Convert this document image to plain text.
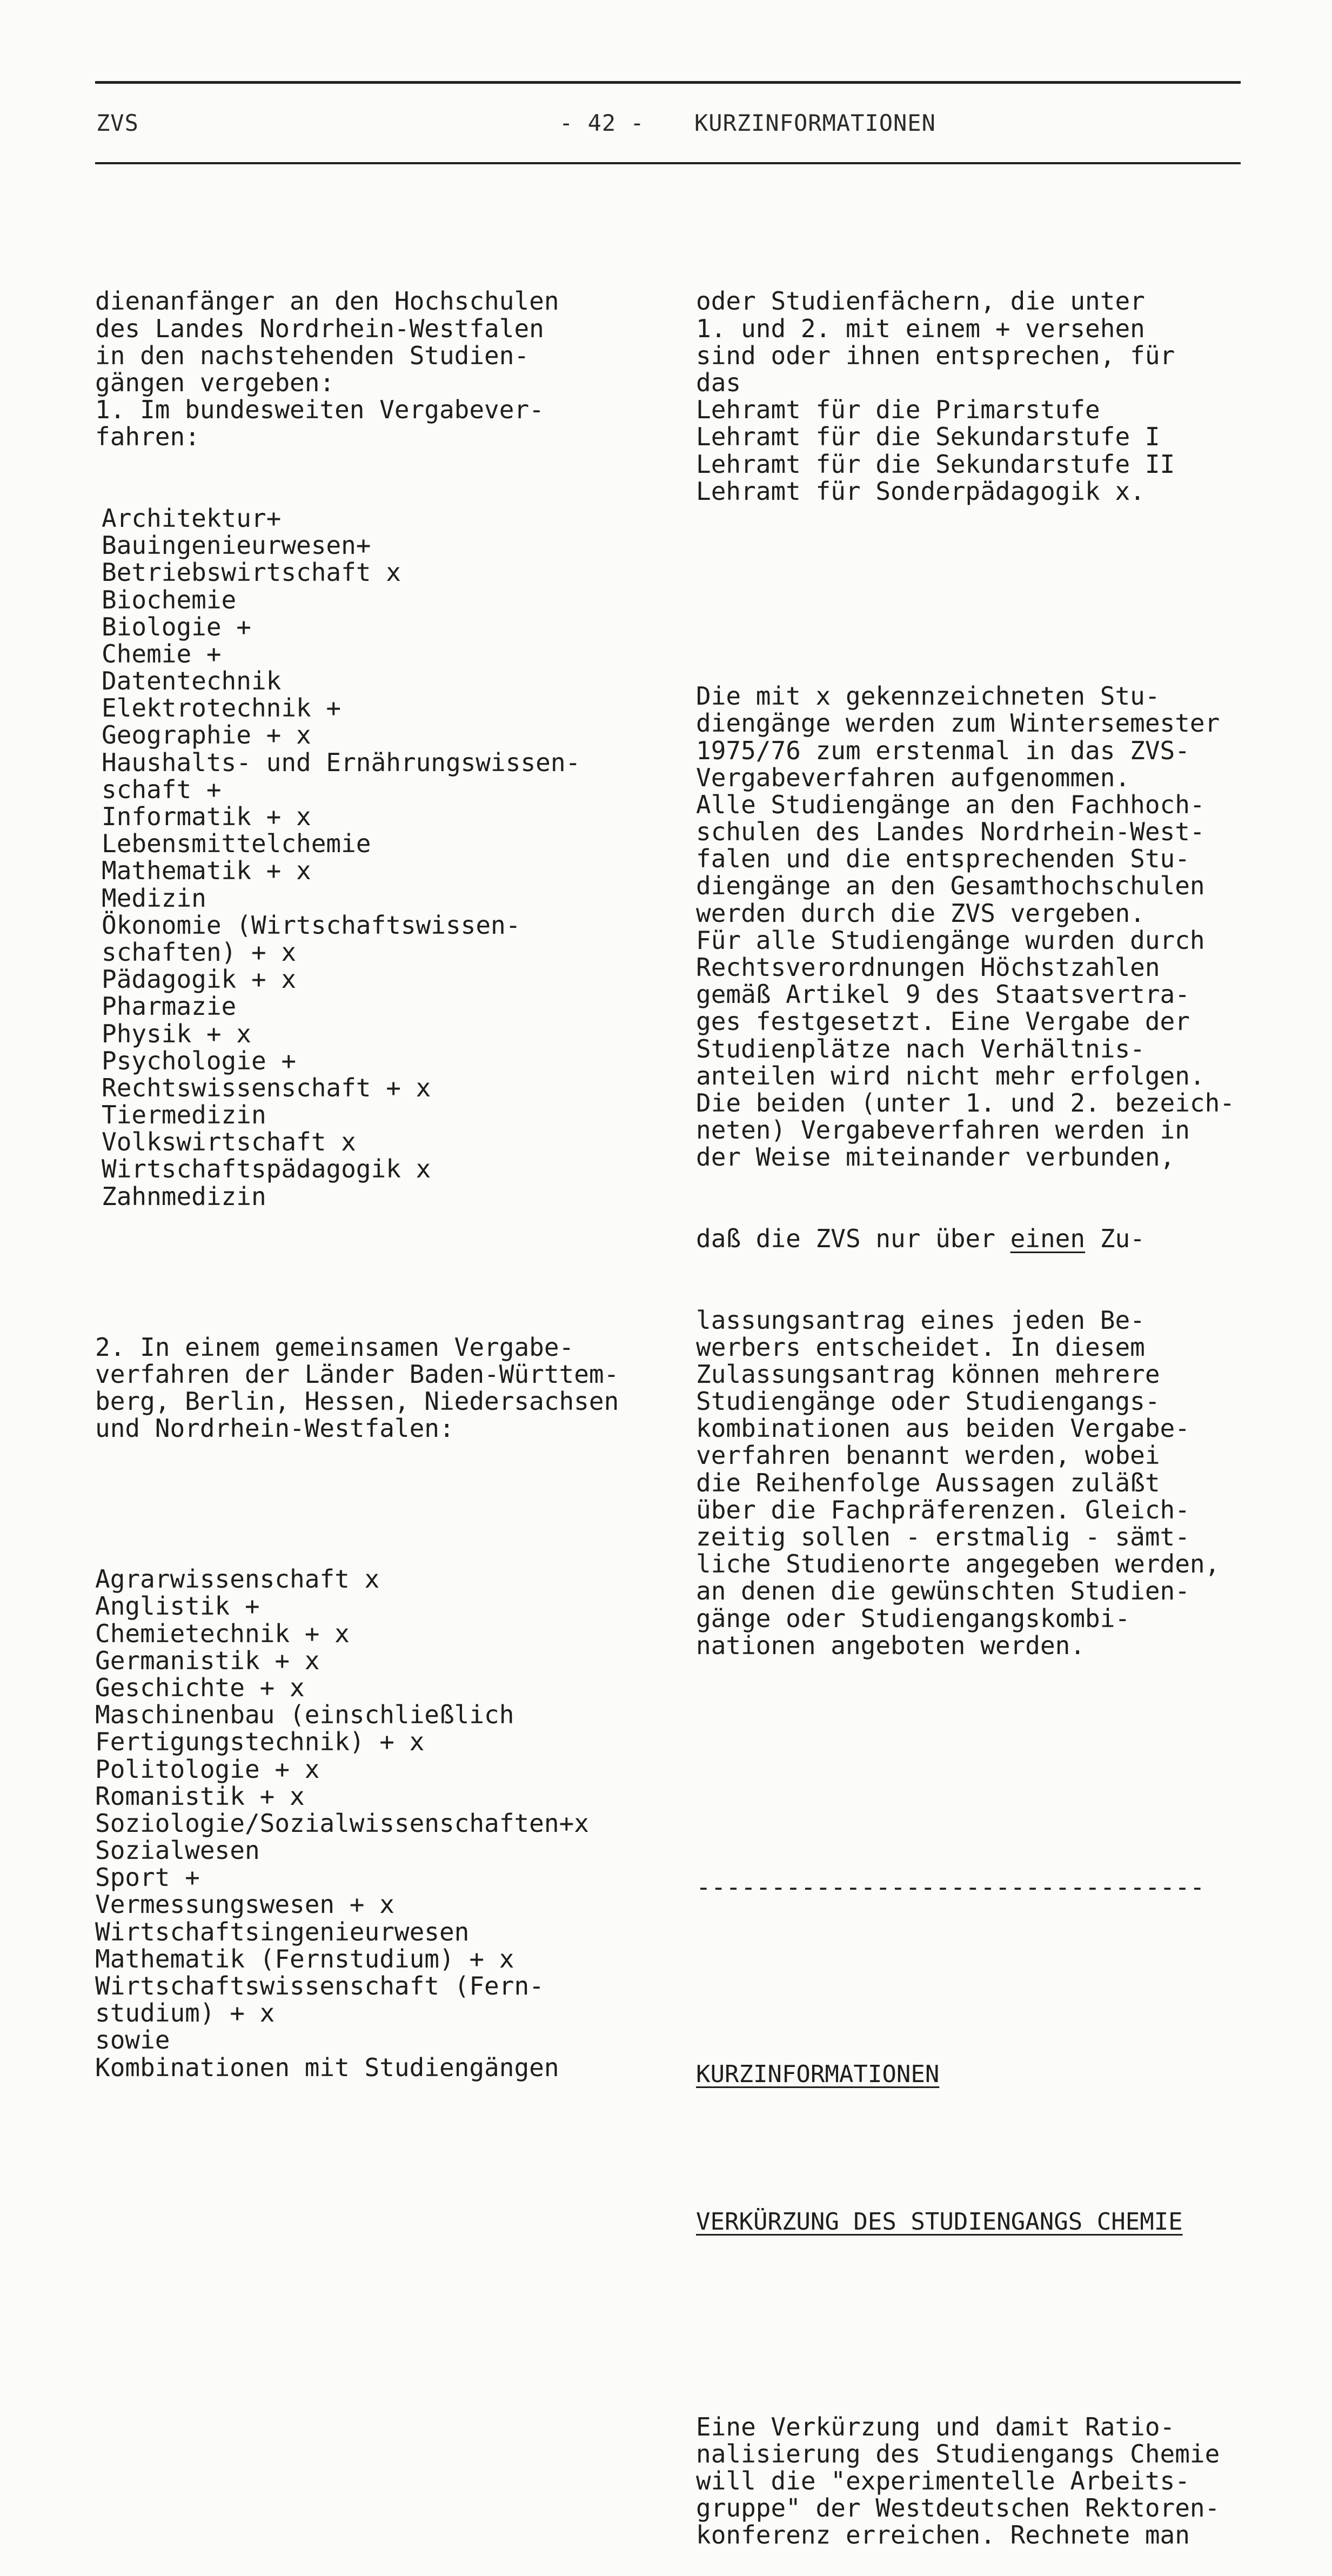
ZVS	- 42 - KURZINFORMATIONEN

dienanfänger an den Hochschulen
des Landes Nordrhein-Westfalen
in den nachstehenden Studien-
gängen vergeben:
1. Im bundesweiten Vergabever-
fahren:

Architektur+
Bauingenieurwesen+
Betriebswirtschaft x
Biochemie
Biologie +
Chemie +
Datentechnik
Elektrotechnik +
Geographie + x
Haushalts- und Ernährungswissen-
schaft +
Informatik + x
Lebensmittelchemie
Mathematik + x
Medizin
Ökonomie (Wirtschaftswissen-
schaften) + x
Pädagogik + x
Pharmazie
Physik + x
Psychologie +
Rechtswissenschaft + x
Tiermedizin
Volkswirtschaft x
Wirtschaftspädagogik x
Zahnmedizin

2. In einem gemeinsamen Vergabe-
verfahren der Länder Baden-Württem-
berg, Berlin, Hessen, Niedersachsen
und Nordrhein-Westfalen:

Agrarwissenschaft x
Anglistik +
Chemietechnik + x
Germanistik + x
Geschichte + x
Maschinenbau (einschließlich
Fertigungstechnik) + x
Politologie + x
Romanistik + x
Soziologie/Sozialwissenschaften+x
Sozialwesen
Sport +
Vermessungswesen + x
Wirtschaftsingenieurwesen
Mathematik (Fernstudium) + x
Wirtschaftswissenschaft (Fern-
studium) + x
sowie
Kombinationen mit Studiengängen

oder Studienfächern, die unter
1. und 2. mit einem + versehen
sind oder ihnen entsprechen, für
das
Lehramt für die Primarstufe
Lehramt für die Sekundarstufe I
Lehramt für die Sekundarstufe II
Lehramt für Sonderpädagogik x.

Die mit x gekennzeichneten Stu-
diengänge werden zum Wintersemester
1975/76 zum erstenmal in das ZVS-
Vergabeverfahren aufgenommen.
Alle Studiengänge an den Fachhoch-
schulen des Landes Nordrhein-West-
falen und die entsprechenden Stu-
diengänge an den Gesamthochschulen
werden durch die ZVS vergeben.
Für alle Studiengänge wurden durch
Rechtsverordnungen Höchstzahlen
gemäß Artikel 9 des Staatsvertra-
ges festgesetzt. Eine Vergabe der
Studienplätze nach Verhältnis-
anteilen wird nicht mehr erfolgen.
Die beiden (unter 1. und 2. bezeich-
neten) Vergabeverfahren werden in
der Weise miteinander verbunden,

daß die ZVS nur über einen Zu-

lassungsantrag eines jeden Be-
werbers entscheidet. In diesem
Zulassungsantrag können mehrere
Studiengänge oder Studiengangs-
kombinationen aus beiden Vergabe-
verfahren benannt werden, wobei
die Reihenfolge Aussagen zuläßt
über die Fachpräferenzen. Gleich-
zeitig sollen - erstmalig - sämt-
liche Studienorte angegeben werden,
an denen die gewünschten Studien-
gänge oder Studiengangskombi-
nationen angeboten werden.

----------------------------------

KURZINFORMATIONEN

VERKÜRZUNG DES STUDIENGANGS CHEMIE

Eine Verkürzung und damit Ratio-
nalisierung des Studiengangs Chemie
will die "experimentelle Arbeits-
gruppe" der Westdeutschen Rektoren-
konferenz erreichen. Rechnete man
